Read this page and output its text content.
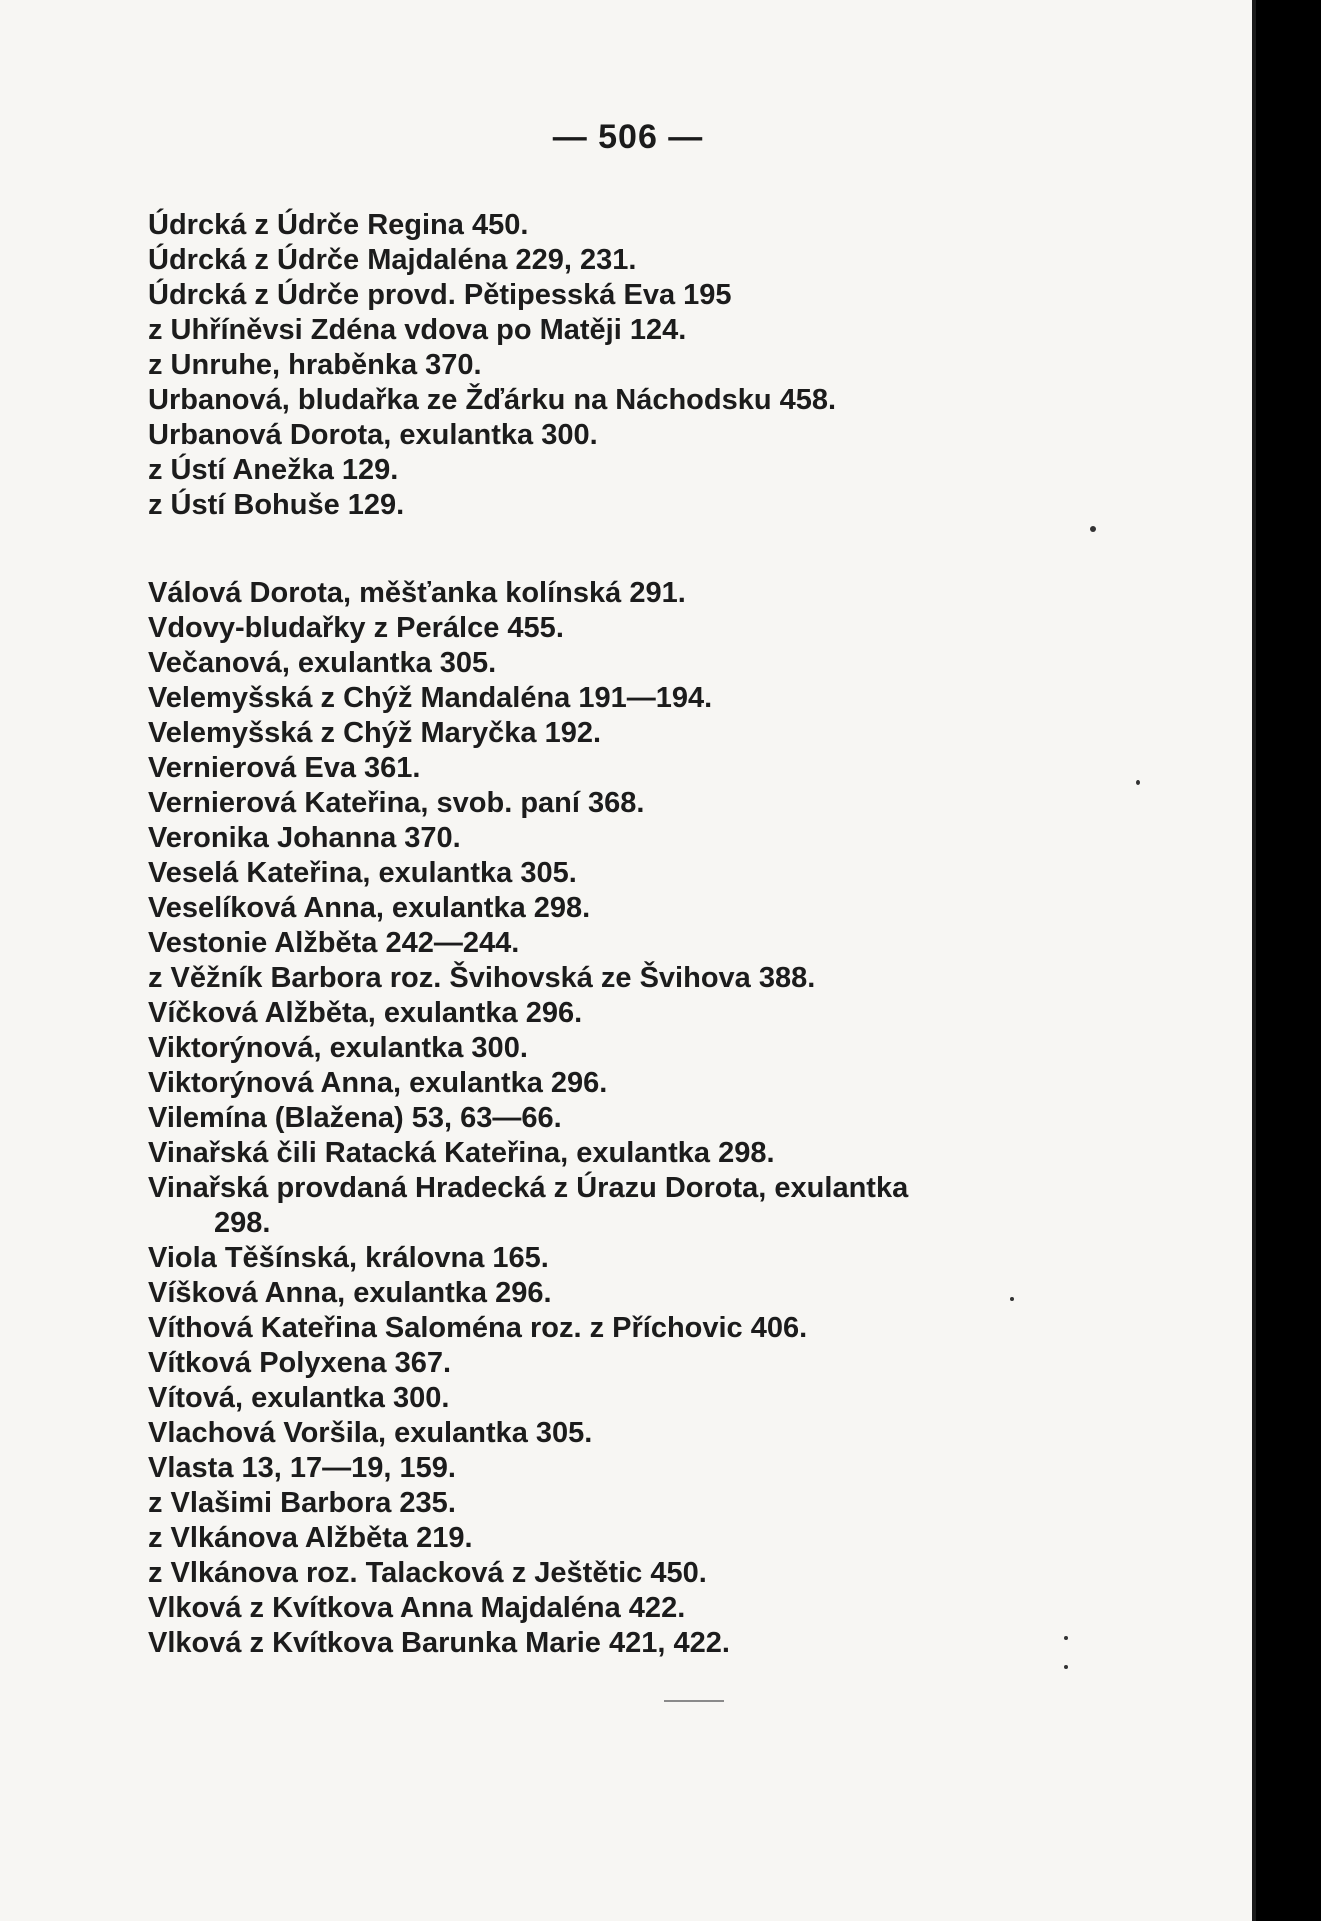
— 506 —

Údrcká z Údrče Regina 450.

Údrcká z Údrče Majdaléna 229, 231.

Údrcká z Údrče provd. Pětipesská Eva 195

z Uhříněvsi Zdéna vdova po Matěji 124.

z Unruhe, hraběnka 370.

Urbanová, bludařka ze Žďárku na Náchodsku 458.

Urbanová Dorota, exulantka 300.

z Ústí Anežka 129.

z Ústí Bohuše 129.

Válová Dorota, měšťanka kolínská 291.

Vdovy-bludařky z Perálce 455.

Večanová, exulantka 305.

Velemyšská z Chýž Mandaléna 191—194.

Velemyšská z Chýž Maryčka 192.

Vernierová Eva 361.

Vernierová Kateřina, svob. paní 368.

Veronika Johanna 370.

Veselá Kateřina, exulantka 305.

Veselíková Anna, exulantka 298.

Vestonie Alžběta 242—244.

z Věžník Barbora roz. Švihovská ze Švihova 388.

Víčková Alžběta, exulantka 296.

Viktorýnová, exulantka 300.

Viktorýnová Anna, exulantka 296.

Vilemína (Blažena) 53, 63—66.

Vinařská čili Ratacká Kateřina, exulantka 298.

Vinařská provdaná Hradecká z Úrazu Dorota, exulantka

298.

Viola Těšínská, královna 165.

Víšková Anna, exulantka 296.

Víthová Kateřina Saloména roz. z Příchovic 406.

Vítková Polyxena 367.

Vítová, exulantka 300.

Vlachová Voršila, exulantka 305.

Vlasta 13, 17—19, 159.

z Vlašimi Barbora 235.

z Vlkánova Alžběta 219.

z Vlkánova roz. Talacková z Ještětic 450.

Vlková z Kvítkova Anna Majdaléna 422.

Vlková z Kvítkova Barunka Marie 421, 422.
